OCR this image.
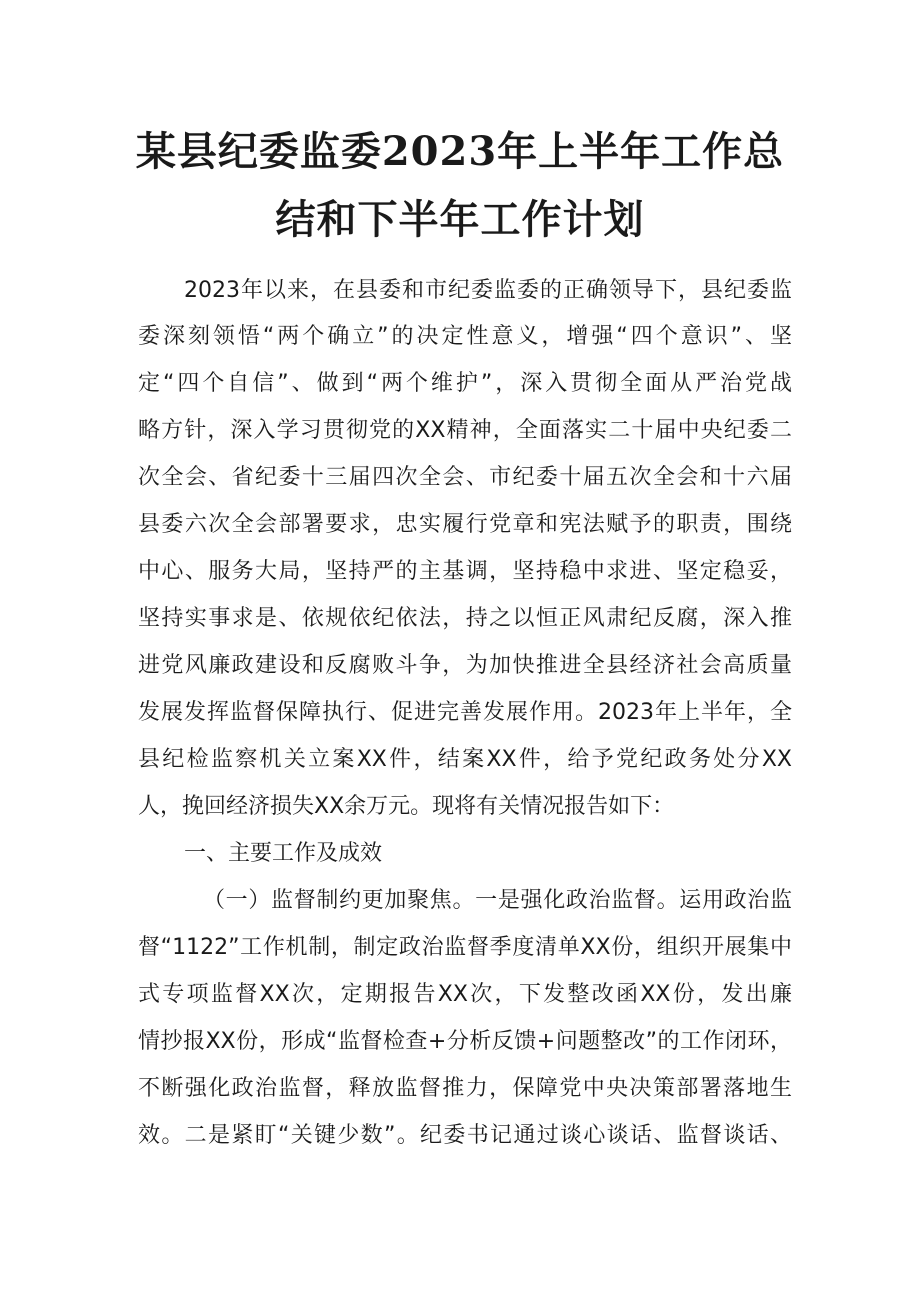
某县纪委监委2023年上半年工作总
结和下半年工作计划
2023年以来，在县委和市纪委监委的正确领导下，县纪委监
委深刻领悟“两个确立”的决定性意义，增强“四个意识”、坚
定“四个自信”、做到“两个维护”，深入贯彻全面从严治党战
略方针，深入学习贯彻党的XX精神，全面落实二十届中央纪委二
次全会、省纪委十三届四次全会、市纪委十届五次全会和十六届
县委六次全会部署要求，忠实履行党章和宪法赋予的职责，围绕
中心、服务大局，坚持严的主基调，坚持稳中求进、坚定稳妥，
坚持实事求是、依规依纪依法，持之以恒正风肃纪反腐，深入推
进党风廉政建设和反腐败斗争，为加快推进全县经济社会高质量
发展发挥监督保障执行、促进完善发展作用。2023年上半年，全
县纪检监察机关立案XX件，结案XX件，给予党纪政务处分XX
人，挽回经济损失XX余万元。现将有关情况报告如下：
一、主要工作及成效
（一）监督制约更加聚焦。一是强化政治监督。运用政治监
督“1122”工作机制，制定政治监督季度清单XX份，组织开展集中
式专项监督XX次，定期报告XX次，下发整改函XX份，发出廉
情抄报XX份，形成“监督检查+分析反馈+问题整改”的工作闭环，
不断强化政治监督，释放监督推力，保障党中央决策部署落地生
效。二是紧盯“关键少数”。纪委书记通过谈心谈话、监督谈话、
